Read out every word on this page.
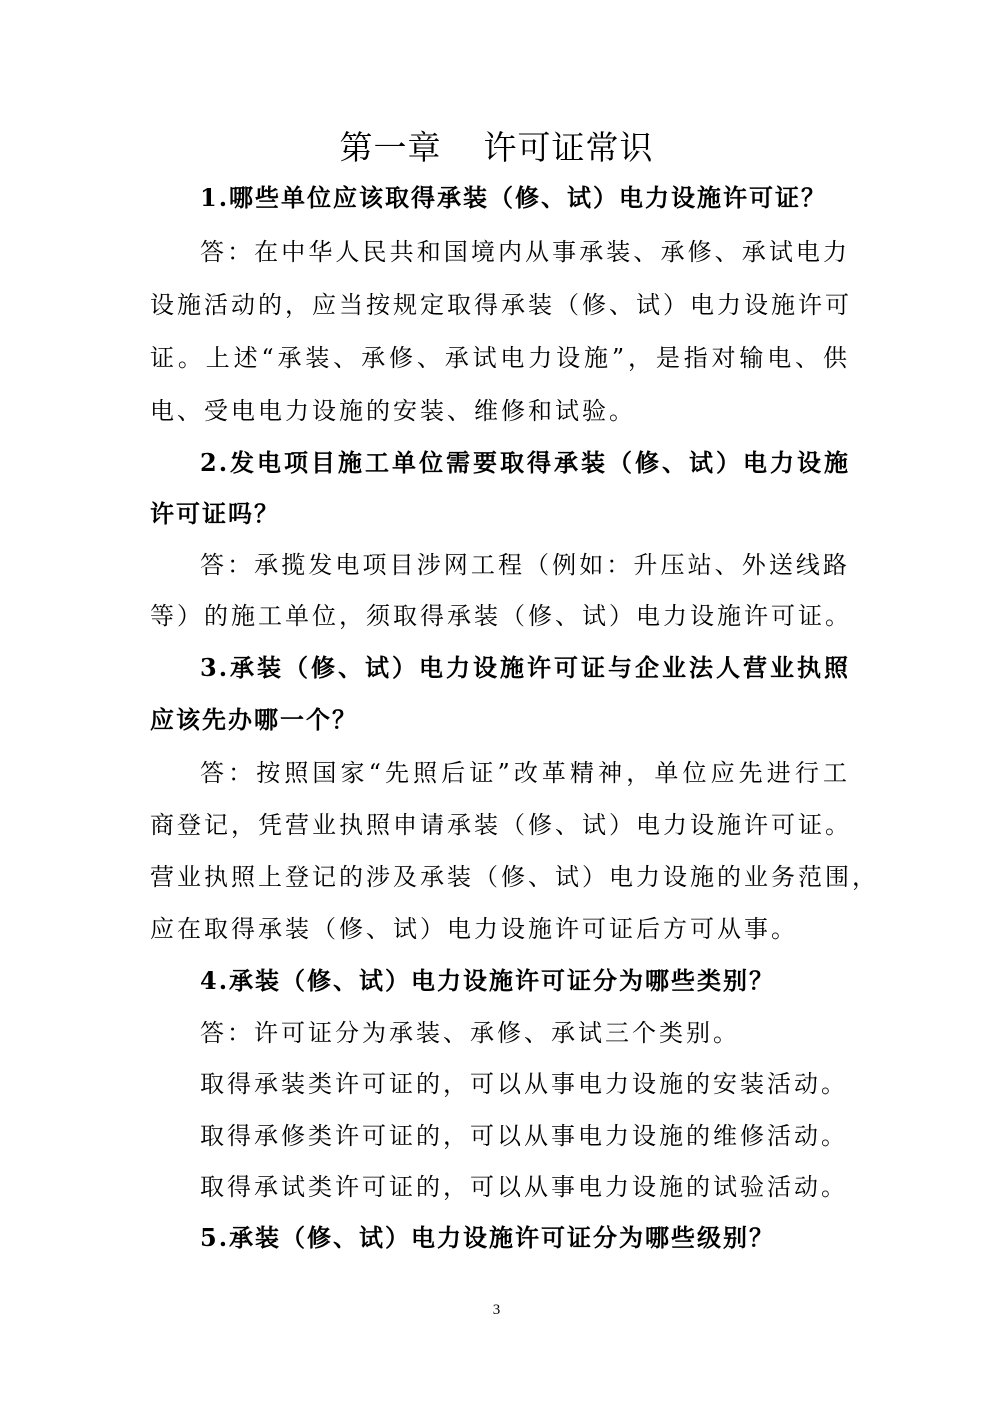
第一章 许可证常识
1.哪些单位应该取得承装（修、试）电力设施许可证？
答：在中华人民共和国境内从事承装、承修、承试电力
设施活动的，应当按规定取得承装（修、试）电力设施许可
证。上述“承装、承修、承试电力设施”，是指对输电、供
电、受电电力设施的安装、维修和试验。
2.发电项目施工单位需要取得承装（修、试）电力设施
许可证吗？
答：承揽发电项目涉网工程（例如：升压站、外送线路
等）的施工单位，须取得承装（修、试）电力设施许可证。
3.承装（修、试）电力设施许可证与企业法人营业执照
应该先办哪一个？
答：按照国家“先照后证”改革精神，单位应先进行工
商登记，凭营业执照申请承装（修、试）电力设施许可证。
营业执照上登记的涉及承装（修、试）电力设施的业务范围，
应在取得承装（修、试）电力设施许可证后方可从事。
4.承装（修、试）电力设施许可证分为哪些类别？
答：许可证分为承装、承修、承试三个类别。
取得承装类许可证的，可以从事电力设施的安装活动。
取得承修类许可证的，可以从事电力设施的维修活动。
取得承试类许可证的，可以从事电力设施的试验活动。
5.承装（修、试）电力设施许可证分为哪些级别？
3
